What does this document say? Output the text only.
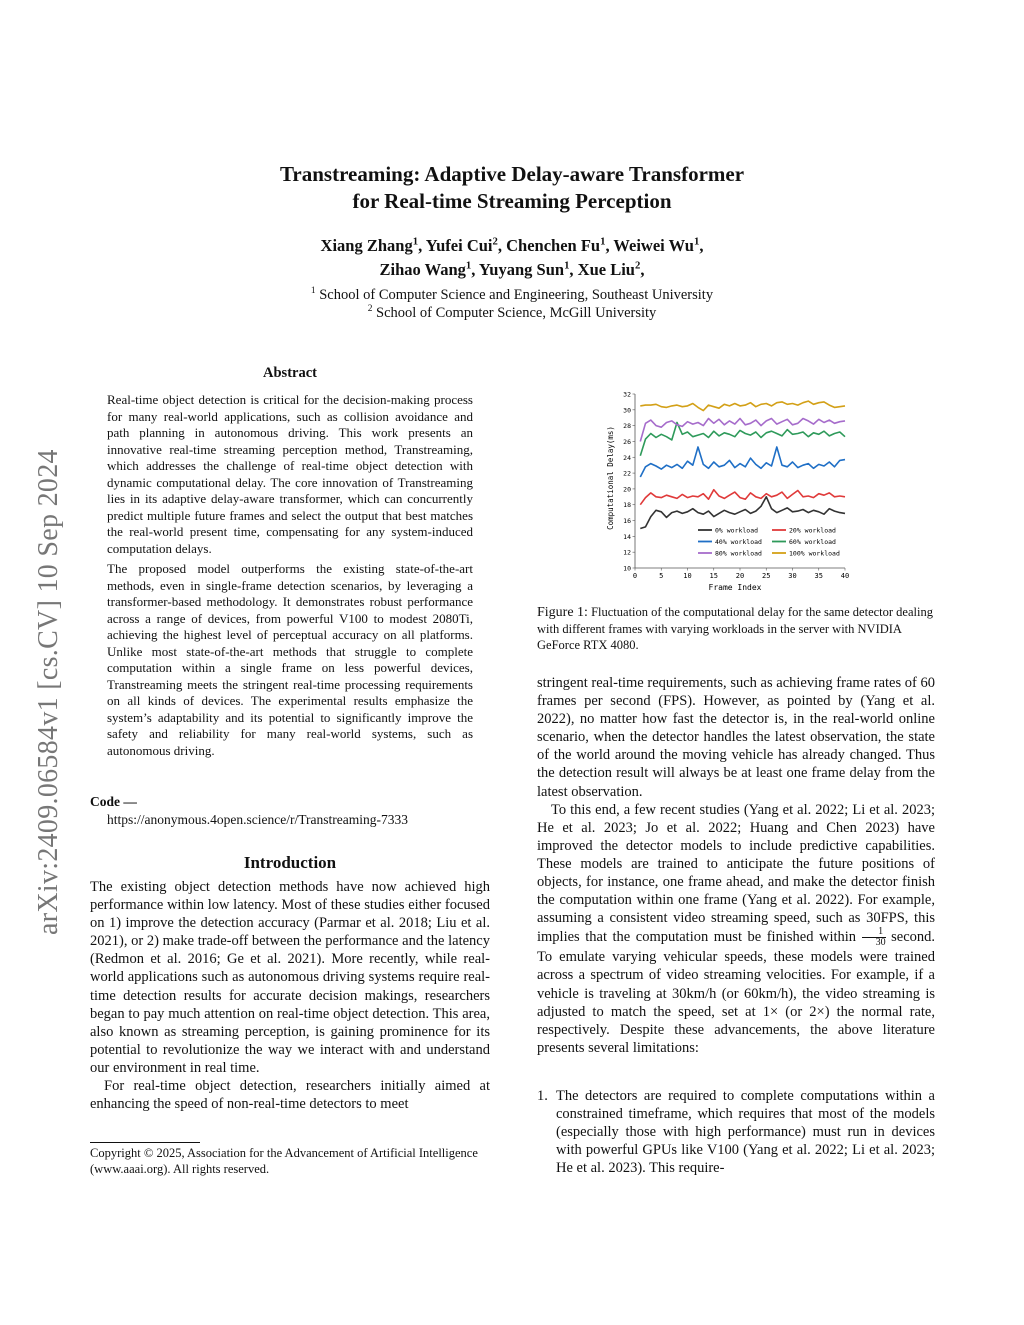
Transtreaming: Adaptive Delay-aware Transformer
for Real-time Streaming Perception
Xiang Zhang$^1$, Yufei Cui$^2$, Chenchen Fu$^1$, Weiwei Wu$^1$,
Zihao Wang$^1$, Yuyang Sun$^1$, Xue Liu$^2$,
$^1$ School of Computer Science and Engineering, Southeast University
$^2$ School of Computer Science, McGill University
arXiv:2409.06584v1 [cs.CV] 10 Sep 2024
Abstract

Real-time object detection is critical for the decision-making process for many real-world applications, such as collision avoidance and path planning in autonomous driving. This work presents an innovative real-time streaming perception method, Transtreaming, which addresses the challenge of real-time object detection with dynamic computational delay. The core innovation of Transtreaming lies in its adaptive delay-aware transformer, which can concurrently predict multiple future frames and select the output that best matches the real-world present time, compensating for any system-induced computation delays.

The proposed model outperforms the existing state-of-the-art methods, even in single-frame detection scenarios, by leveraging a transformer-based methodology. It demonstrates robust performance across a range of devices, from powerful V100 to modest 2080Ti, achieving the highest level of perceptual accuracy on all platforms. Unlike most state-of-the-art methods that struggle to complete computation within a single frame on less powerful devices, Transtreaming meets the stringent real-time processing requirements on all kinds of devices. The experimental results emphasize the system’s adaptability and its potential to significantly improve the safety and reliability for many real-world systems, such as autonomous driving.

Code —
https://anonymous.4open.science/r/Transtreaming-7333
Introduction

The existing object detection methods have now achieved high performance within low latency. Most of these studies either focused on 1) improve the detection accuracy (Parmar et al. 2018; Liu et al. 2021), or 2) make trade-off between the performance and the latency (Redmon et al. 2016; Ge et al. 2021). More recently, while real-world applications such as autonomous driving systems require real-time detection results for accurate decision makings, researchers began to pay much attention on real-time object detection. This area, also known as streaming perception, is gaining prominence for its potential to revolutionize the way we interact with and understand our environment in real time.

For real-time object detection, researchers initially aimed at enhancing the speed of non-real-time detectors to meet

Copyright © 2025, Association for the Advancement of Artificial Intelligence (www.aaai.org). All rights reserved.
0	5	10	15	20	25	30	35	40
10
12
14
16
18
20
22
24
26
28
30
32
0% workload	20% workload
40% workload	60% workload
80% workload	100% workload
Frame Index
Computational Delay(ms)
Figure 1: Fluctuation of the computational delay for the same detector dealing with different frames with varying workloads in the server with NVIDIA GeForce RTX 4080.

stringent real-time requirements, such as achieving frame rates of 60 frames per second (FPS). However, as pointed by (Yang et al. 2022), no matter how fast the detector is, in the real-world online scenario, when the detector handles the latest observation, the state of the world around the moving vehicle has already changed. Thus the detection result will always be at least one frame delay from the latest observation.

To this end, a few recent studies (Yang et al. 2022; Li et al. 2023; He et al. 2023; Jo et al. 2022; Huang and Chen 2023) have improved the detector models to include predictive capabilities. These models are trained to anticipate the future positions of objects, for instance, one frame ahead, and make the detector finish the computation within one frame (Yang et al. 2022). For example, assuming a consistent video streaming speed, such as 30FPS, this implies that the computation must be finished within $\frac{1}{30}$ second. To emulate varying vehicular speeds, these models were trained across a spectrum of video streaming velocities. For example, if a vehicle is traveling at 30km/h (or 60km/h), the video streaming is adjusted to match the speed, set at 1× (or 2×) the normal rate, respectively. Despite these advancements, the above literature presents several limitations:

1. The detectors are required to complete computations within a constrained timeframe, which requires that most of the models (especially those with high performance) must run in devices with powerful GPUs like V100 (Yang et al. 2022; Li et al. 2023; He et al. 2023). This require-
